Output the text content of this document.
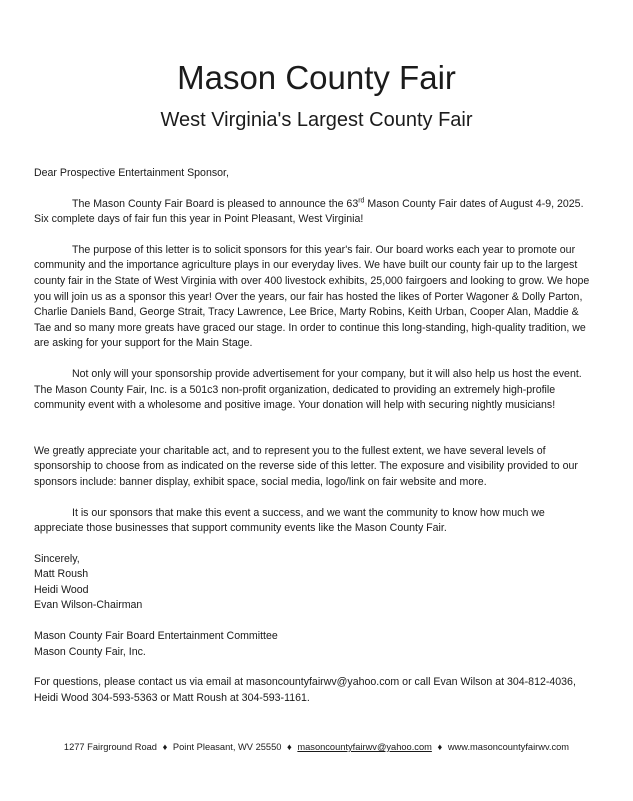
Mason County Fair
West Virginia's Largest County Fair

Dear Prospective Entertainment Sponsor,

The Mason County Fair Board is pleased to announce the 63rd Mason County Fair dates of August 4-9, 2025. Six complete days of fair fun this year in Point Pleasant, West Virginia!

The purpose of this letter is to solicit sponsors for this year's fair. Our board works each year to promote our community and the importance agriculture plays in our everyday lives. We have built our county fair up to the largest county fair in the State of West Virginia with over 400 livestock exhibits, 25,000 fairgoers and looking to grow. We hope you will join us as a sponsor this year! Over the years, our fair has hosted the likes of Porter Wagoner & Dolly Parton, Charlie Daniels Band, George Strait, Tracy Lawrence, Lee Brice, Marty Robins, Keith Urban, Cooper Alan, Maddie & Tae and so many more greats have graced our stage. In order to continue this long-standing, high-quality tradition, we are asking for your support for the Main Stage.

Not only will your sponsorship provide advertisement for your company, but it will also help us host the event. The Mason County Fair, Inc. is a 501c3 non-profit organization, dedicated to providing an extremely high-profile community event with a wholesome and positive image. Your donation will help with securing nightly musicians!

We greatly appreciate your charitable act, and to represent you to the fullest extent, we have several levels of sponsorship to choose from as indicated on the reverse side of this letter. The exposure and visibility provided to our sponsors include: banner display, exhibit space, social media, logo/link on fair website and more.

It is our sponsors that make this event a success, and we want the community to know how much we appreciate those businesses that support community events like the Mason County Fair.

Sincerely,

Matt Roush

Heidi Wood

Evan Wilson-Chairman

Mason County Fair Board Entertainment Committee

Mason County Fair, Inc.

For questions, please contact us via email at masoncountyfairwv@yahoo.com or call Evan Wilson at 304-812-4036, Heidi Wood 304-593-5363 or Matt Roush at 304-593-1161.

1277 Fairground Road ♦ Point Pleasant, WV 25550 ♦ masoncountyfairwv@yahoo.com ♦ www.masoncountyfairwv.com
